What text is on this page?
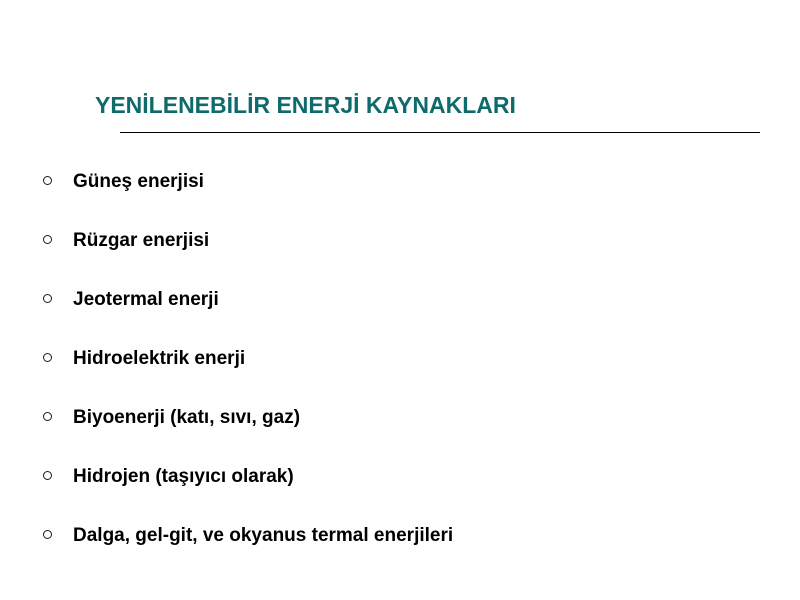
YENİLENEBİLİR ENERJİ KAYNAKLARI
Güneş enerjisi
Rüzgar enerjisi
Jeotermal enerji
Hidroelektrik enerji
Biyoenerji (katı, sıvı, gaz)
Hidrojen (taşıyıcı olarak)
Dalga, gel-git, ve okyanus termal enerjileri
